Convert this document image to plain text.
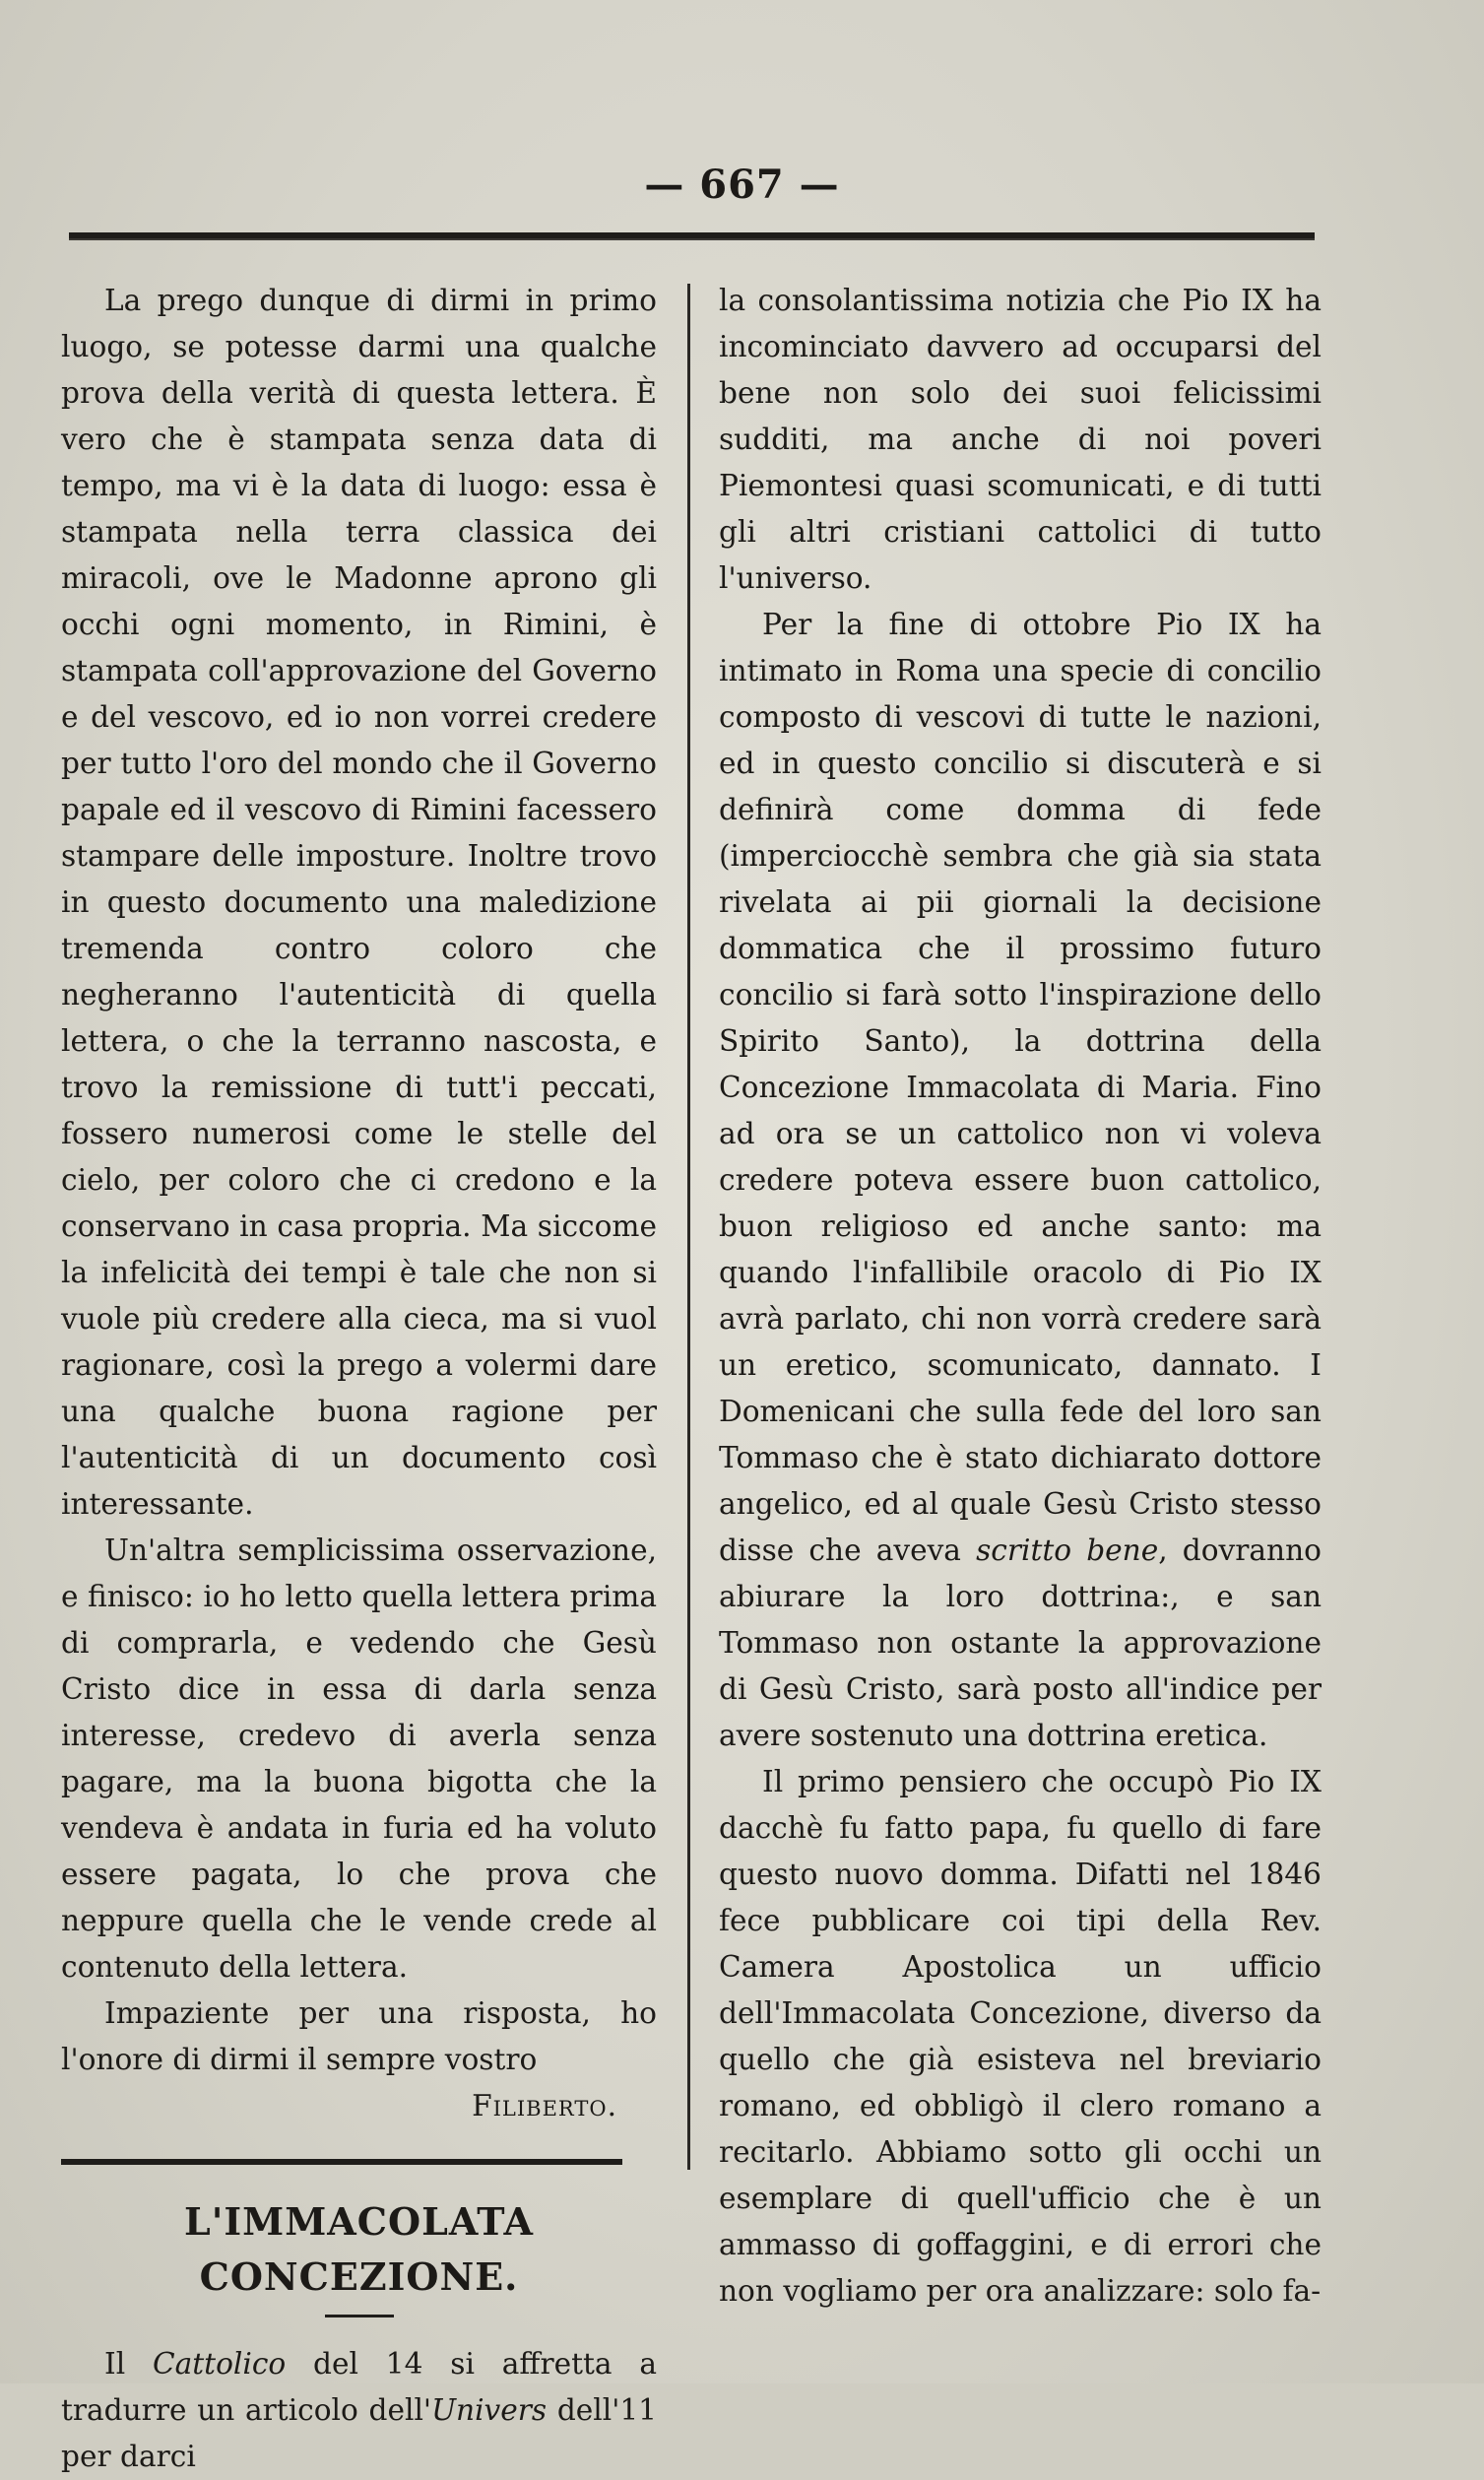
— 667 —

La prego dunque di dirmi in primo luogo, se potesse darmi una qualche prova della verità di questa lettera. È vero che è stampata senza data di tempo, ma vi è la data di luogo: essa è stampata nella terra classica dei miracoli, ove le Madonne aprono gli occhi ogni momento, in Rimini, è stampata coll'approvazione del Governo e del vescovo, ed io non vorrei credere per tutto l'oro del mondo che il Governo papale ed il vescovo di Rimini facessero stampare delle imposture. Inoltre trovo in questo documento una maledizione tremenda contro coloro che negheranno l'autenticità di quella lettera, o che la terranno nascosta, e trovo la remissione di tutt'i peccati, fossero numerosi come le stelle del cielo, per coloro che ci credono e la conservano in casa propria. Ma siccome la infelicità dei tempi è tale che non si vuole più credere alla cieca, ma si vuol ragionare, così la prego a volermi dare una qualche buona ragione per l'autenticità di un documento così interessante.

Un'altra semplicissima osservazione, e finisco: io ho letto quella lettera prima di comprarla, e vedendo che Gesù Cristo dice in essa di darla senza interesse, credevo di averla senza pagare, ma la buona bigotta che la vendeva è andata in furia ed ha voluto essere pagata, lo che prova che neppure quella che le vende crede al contenuto della lettera.

Impaziente per una risposta, ho l'onore di dirmi il sempre vostro

Filiberto.
L'IMMACOLATA CONCEZIONE.

Il Cattolico del 14 si affretta a tradurre un articolo dell'Univers dell'11 per darci

la consolantissima notizia che Pio IX ha incominciato davvero ad occuparsi del bene non solo dei suoi felicissimi sudditi, ma anche di noi poveri Piemontesi quasi scomunicati, e di tutti gli altri cristiani cattolici di tutto l'universo.

Per la fine di ottobre Pio IX ha intimato in Roma una specie di concilio composto di vescovi di tutte le nazioni, ed in questo concilio si discuterà e si definirà come domma di fede (imperciocchè sembra che già sia stata rivelata ai pii giornali la decisione dommatica che il prossimo futuro concilio si farà sotto l'inspirazione dello Spirito Santo), la dottrina della Concezione Immacolata di Maria. Fino ad ora se un cattolico non vi voleva credere poteva essere buon cattolico, buon religioso ed anche santo: ma quando l'infallibile oracolo di Pio IX avrà parlato, chi non vorrà credere sarà un eretico, scomunicato, dannato. I Domenicani che sulla fede del loro san Tommaso che è stato dichiarato dottore angelico, ed al quale Gesù Cristo stesso disse che aveva scritto bene, dovranno abiurare la loro dottrina:, e san Tommaso non ostante la approvazione di Gesù Cristo, sarà posto all'indice per avere sostenuto una dottrina eretica.

Il primo pensiero che occupò Pio IX dacchè fu fatto papa, fu quello di fare questo nuovo domma. Difatti nel 1846 fece pubblicare coi tipi della Rev. Camera Apostolica un ufficio dell'Immacolata Concezione, diverso da quello che già esisteva nel breviario romano, ed obbligò il clero romano a recitarlo. Abbiamo sotto gli occhi un esemplare di quell'ufficio che è un ammasso di goffaggini, e di errori che non vogliamo per ora analizzare: solo fa-
